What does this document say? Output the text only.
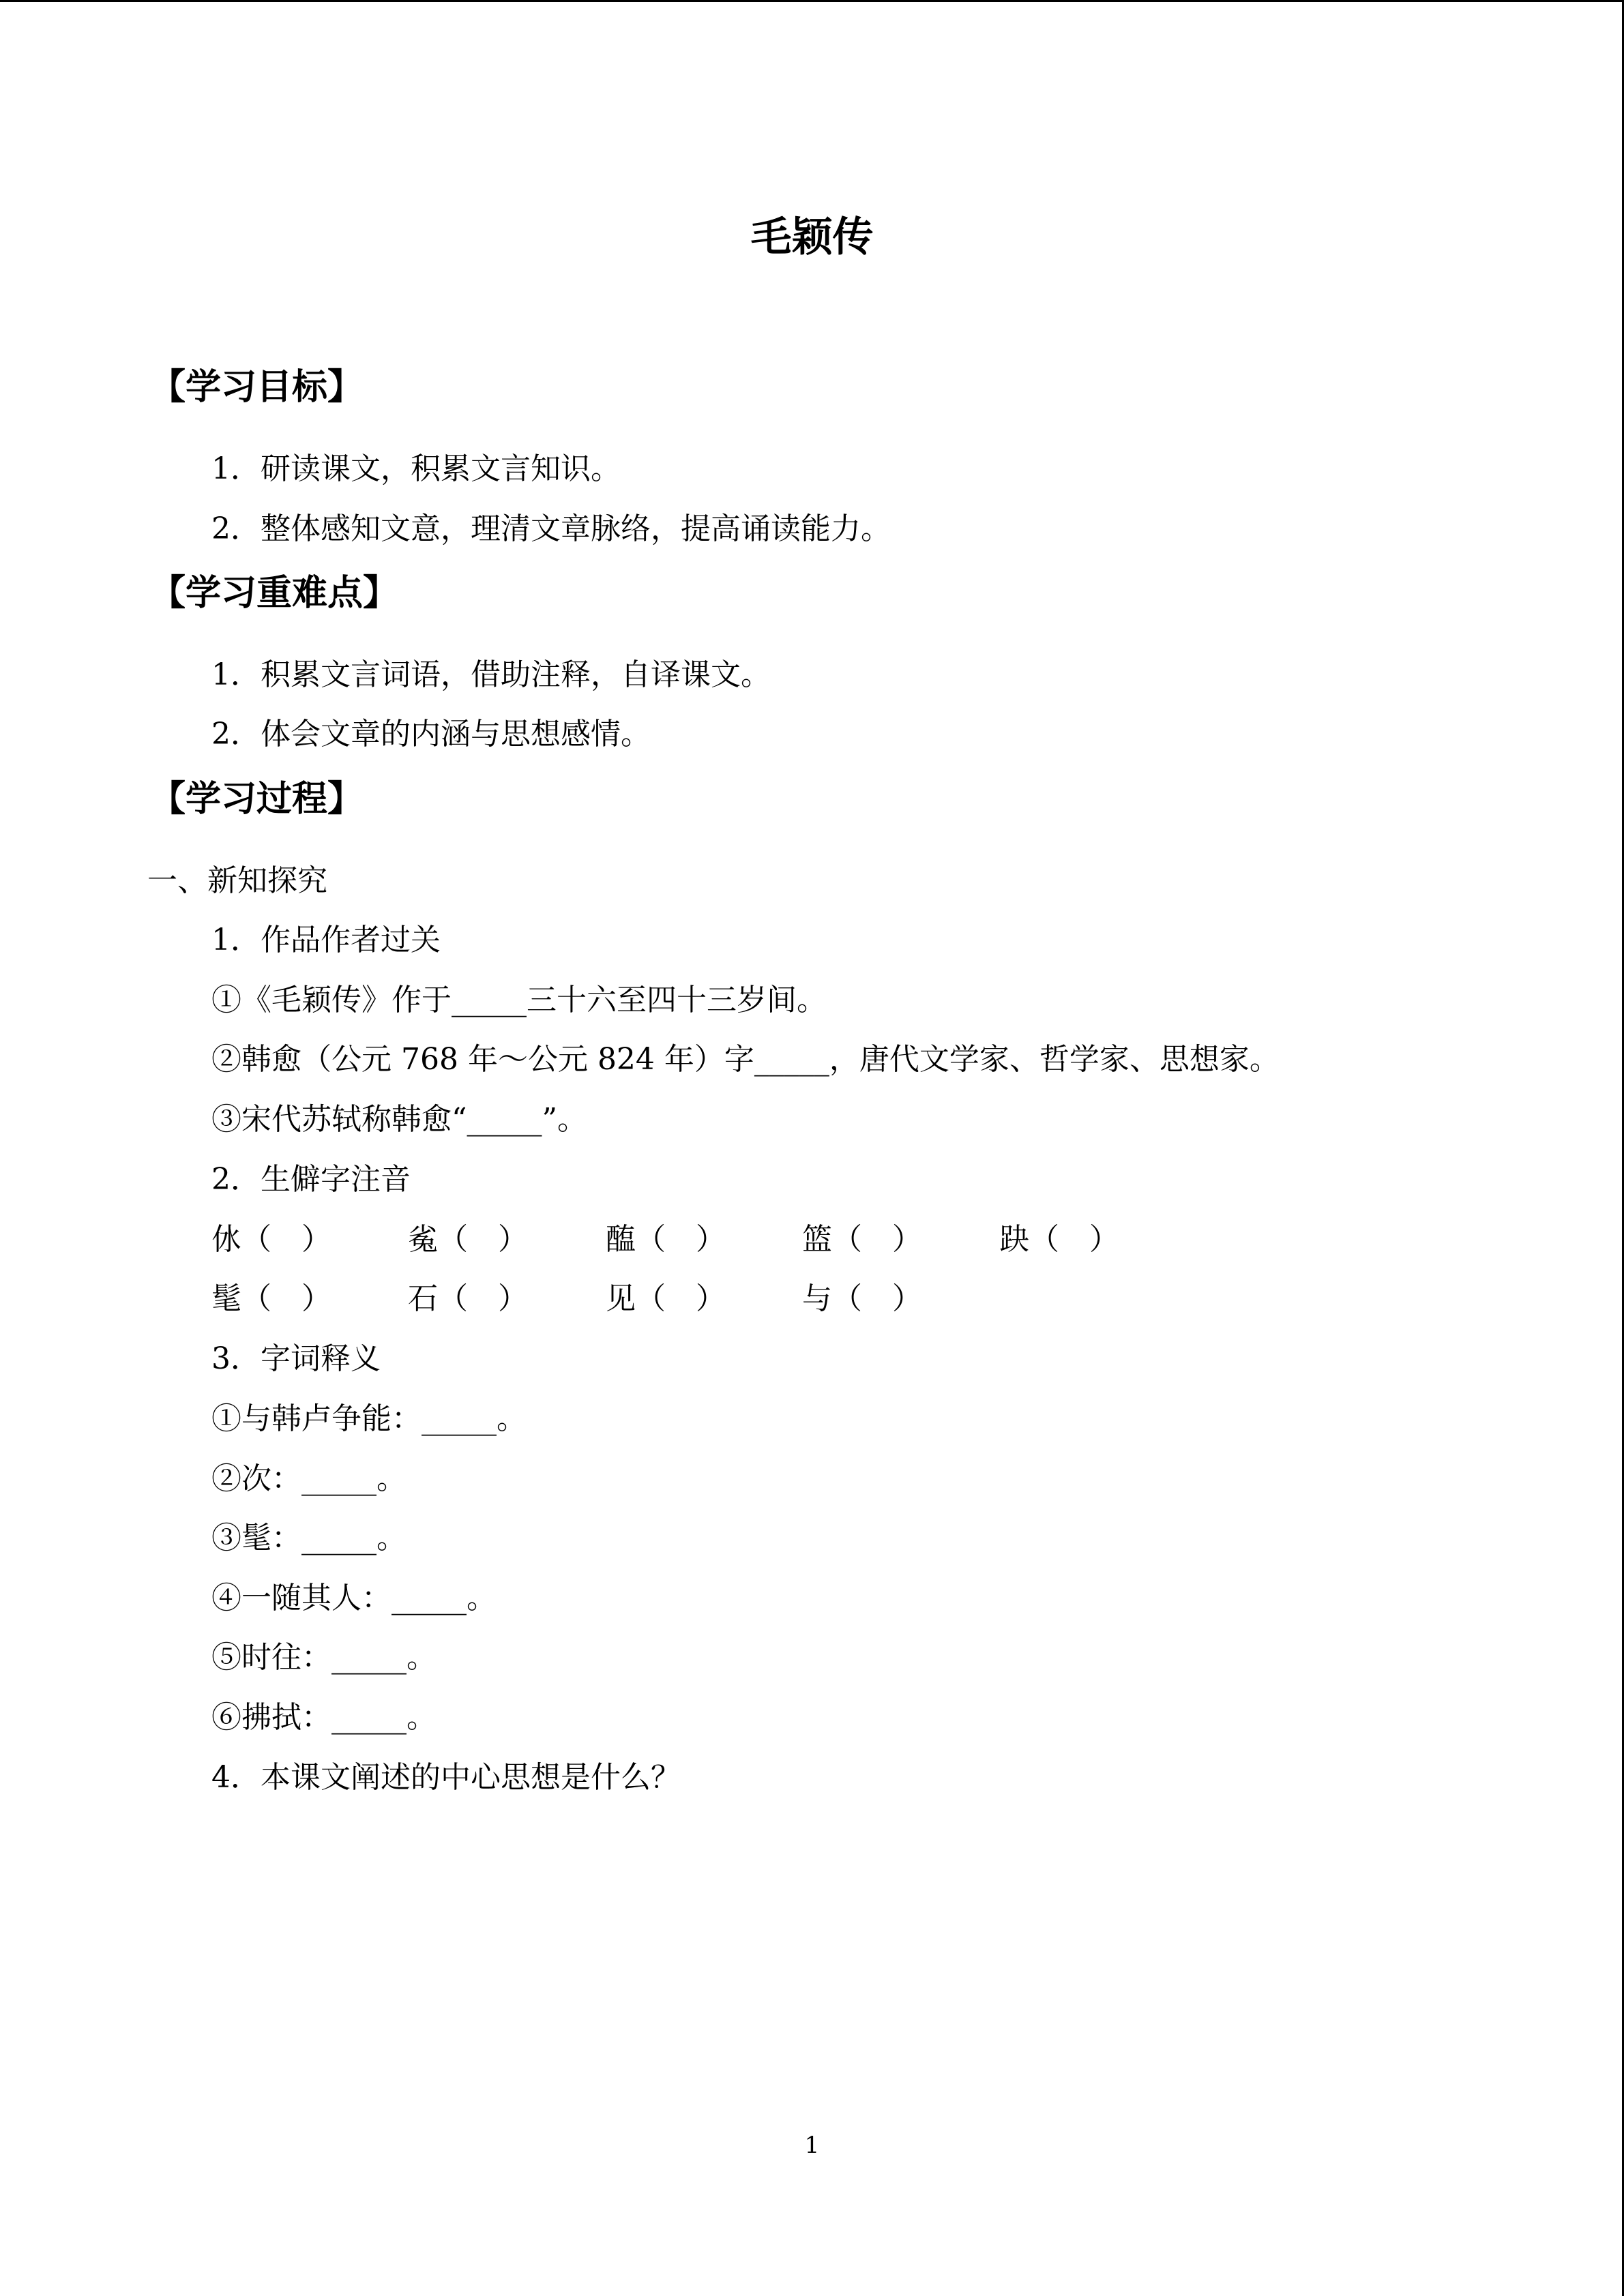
毛颖传
【学习目标】
1．研读课文，积累文言知识。
2．整体感知文意，理清文章脉络，提高诵读能力。
【学习重难点】
1．积累文言词语，借助注释，自译课文。
2．体会文章的内涵与思想感情。
【学习过程】
一、新知探究
1．作品作者过关
①《毛颖传》作于_____三十六至四十三岁间。
②韩愈（公元 768 年～公元 824 年）字_____，唐代文学家、哲学家、思想家。
③宋代苏轼称韩愈“_____”。
2．生僻字注音
㲻（　）	㝹（　）	醢（　）	篮（　）	趹（　）
髦（　）	石（　）	见（　）	与（　）
3．字词释义
①与韩卢争能：_____。
②次：_____。
③髦：_____。
④一随其人：_____。
⑤时往：_____。
⑥拂拭：_____。
4．本课文阐述的中心思想是什么？
1
